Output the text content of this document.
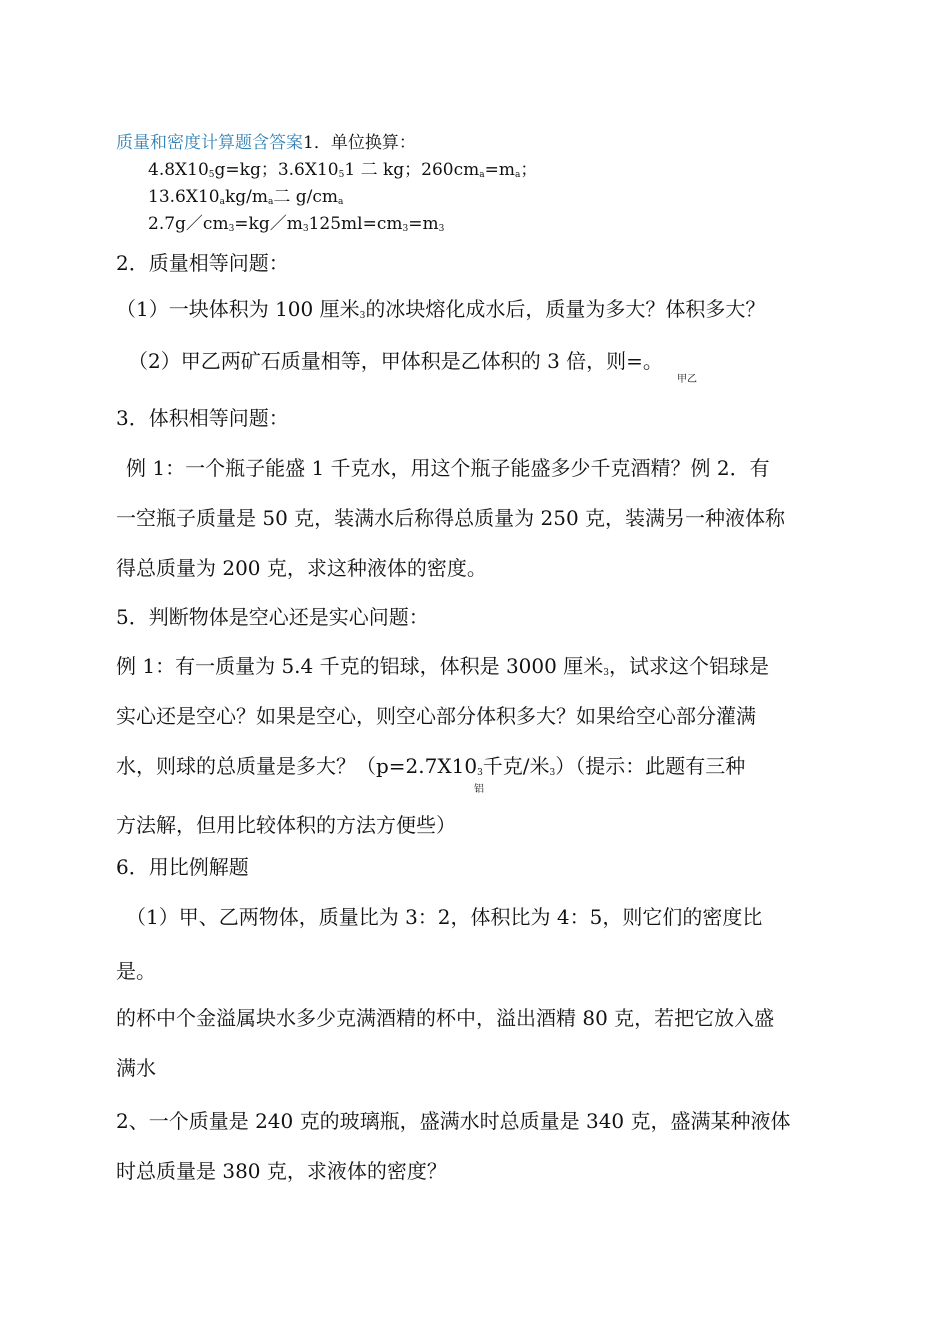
质量和密度计算题含答案1．单位换算：
4.8X105g=kg；3.6X1051 二 kg；260cma=ma；
13.6X10akg/ma二 g/cma
2.7g／cm3=kg／m3125ml=cm3=m3
2．质量相等问题：
（1）一块体积为 100 厘米3的冰块熔化成水后，质量为多大？体积多大？
（2）甲乙两矿石质量相等，甲体积是乙体积的 3 倍，则=。
甲乙
3．体积相等问题：
例 1：一个瓶子能盛 1 千克水，用这个瓶子能盛多少千克酒精？例 2．有
一空瓶子质量是 50 克，装满水后称得总质量为 250 克，装满另一种液体称
得总质量为 200 克，求这种液体的密度。
5．判断物体是空心还是实心问题：
例 1：有一质量为 5.4 千克的铝球，体积是 3000 厘米3，试求这个铝球是
实心还是空心？如果是空心，则空心部分体积多大？如果给空心部分灌满
水，则球的总质量是多大？（p=2.7X103千克/米3）（提示：此题有三种
铝
方法解，但用比较体积的方法方便些）
6．用比例解题
（1）甲、乙两物体，质量比为 3：2，体积比为 4：5，则它们的密度比
是。
的杯中个金溢属块水多少克满酒精的杯中，溢出酒精 80 克，若把它放入盛
满水
2、一个质量是 240 克的玻璃瓶，盛满水时总质量是 340 克，盛满某种液体
时总质量是 380 克，求液体的密度？
